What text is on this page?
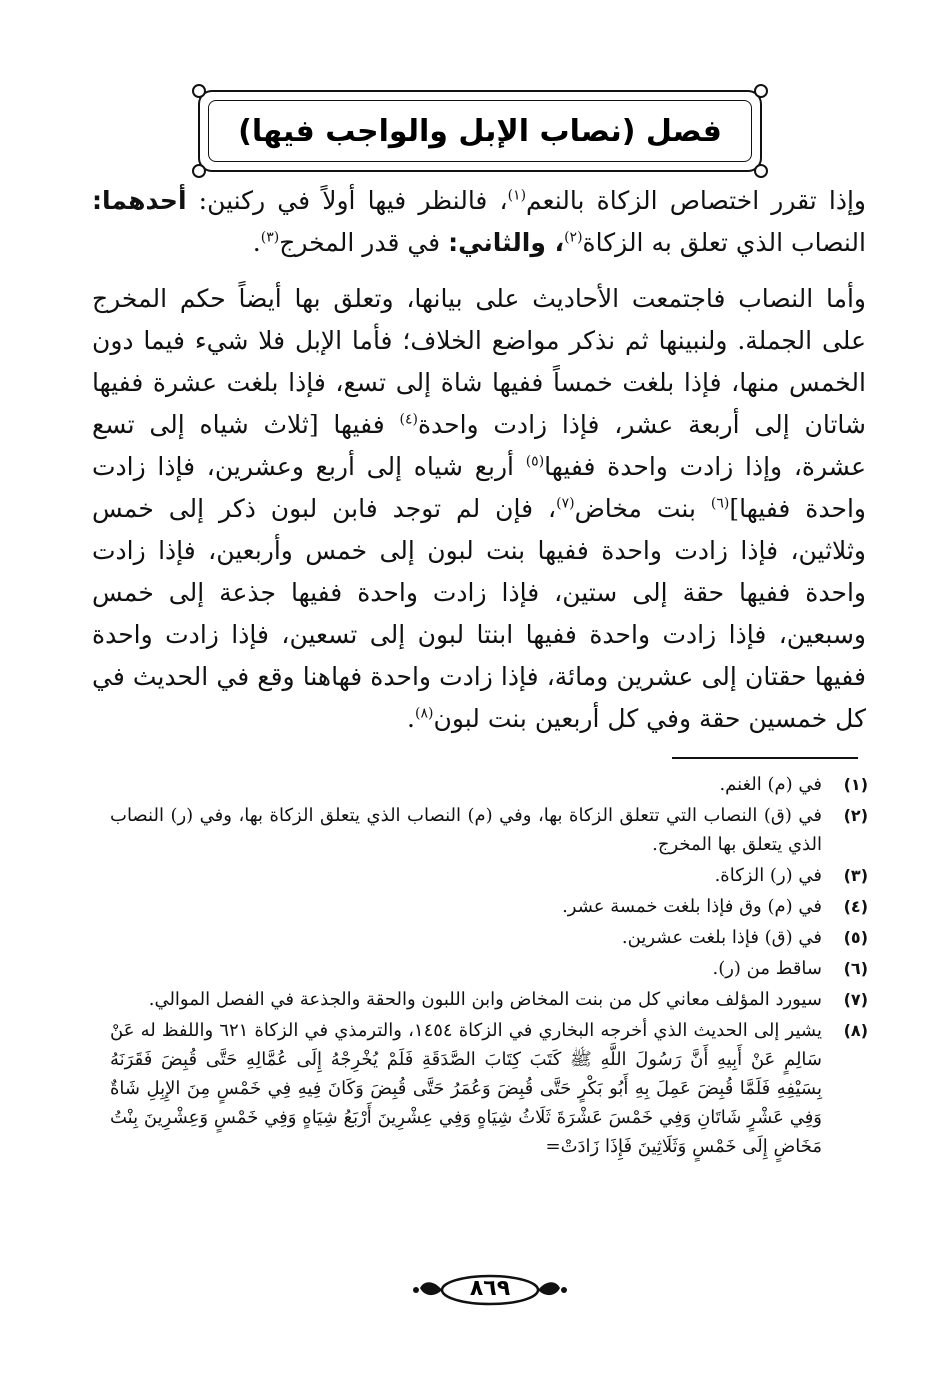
فصل (نصاب الإبل والواجب فيها)

وإذا تقرر اختصاص الزكاة بالنعم$^{(١)}$، فالنظر فيها أولاً في ركنين: أحدهما: النصاب الذي تعلق به الزكاة$^{(٢)}$، والثاني: في قدر المخرج$^{(٣)}$.

وأما النصاب فاجتمعت الأحاديث على بيانها، وتعلق بها أيضاً حكم المخرج على الجملة. ولنبينها ثم نذكر مواضع الخلاف؛ فأما الإبل فلا شيء فيما دون الخمس منها، فإذا بلغت خمساً ففيها شاة إلى تسع، فإذا بلغت عشرة ففيها شاتان إلى أربعة عشر، فإذا زادت واحدة$^{(٤)}$ ففيها [ثلاث شياه إلى تسع عشرة، وإذا زادت واحدة ففيها$^{(٥)}$ أربع شياه إلى أربع وعشرين، فإذا زادت واحدة ففيها]$^{(٦)}$ بنت مخاض$^{(٧)}$، فإن لم توجد فابن لبون ذكر إلى خمس وثلاثين، فإذا زادت واحدة ففيها بنت لبون إلى خمس وأربعين، فإذا زادت واحدة ففيها حقة إلى ستين، فإذا زادت واحدة ففيها جذعة إلى خمس وسبعين، فإذا زادت واحدة ففيها ابنتا لبون إلى تسعين، فإذا زادت واحدة ففيها حقتان إلى عشرين ومائة، فإذا زادت واحدة فهاهنا وقع في الحديث في كل خمسين حقة وفي كل أربعين بنت لبون$^{(٨)}$.

(١)
في (م) الغنم.
(٢)
في (ق) النصاب التي تتعلق الزكاة بها، وفي (م) النصاب الذي يتعلق الزكاة بها، وفي (ر) النصاب الذي يتعلق بها المخرج.
(٣)
في (ر) الزكاة.
(٤)
في (م) وق فإذا بلغت خمسة عشر.
(٥)
في (ق) فإذا بلغت عشرين.
(٦)
ساقط من (ر).
(٧)
سيورد المؤلف معاني كل من بنت المخاض وابن اللبون والحقة والجذعة في الفصل الموالي.
(٨)
يشير إلى الحديث الذي أخرجه البخاري في الزكاة ١٤٥٤، والترمذي في الزكاة ٦٢١ واللفظ له عَنْ سَالِمٍ عَنْ أَبِيهِ أَنَّ رَسُولَ اللَّهِ ﷺ كَتَبَ كِتَابَ الصَّدَقَةِ فَلَمْ يُخْرِجْهُ إِلَى عُمَّالِهِ حَتَّى قُبِضَ فَقَرَنَهُ بِسَيْفِهِ فَلَمَّا قُبِضَ عَمِلَ بِهِ أَبُو بَكْرٍ حَتَّى قُبِضَ وَعُمَرُ حَتَّى قُبِضَ وَكَانَ فِيهِ فِي خَمْسٍ مِنَ الإِبِلِ شَاةٌ وَفِي عَشْرٍ شَاتَانِ وَفِي خَمْسَ عَشْرَةَ ثَلَاثُ شِيَاهٍ وَفِي عِشْرِينَ أَرْبَعُ شِيَاهٍ وَفِي خَمْسٍ وَعِشْرِينَ بِنْتُ مَخَاضٍ إِلَى خَمْسٍ وَثَلَاثِينَ فَإِذَا زَادَتْ=
٨٦٩
